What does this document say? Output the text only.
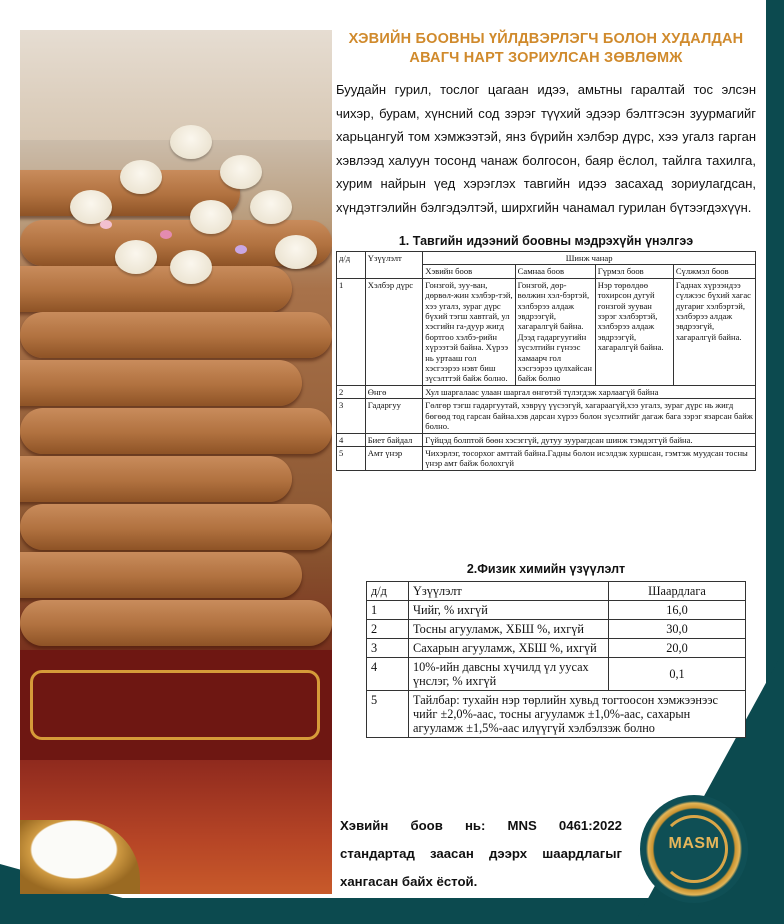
ХЭВИЙН БООВНЫ ҮЙЛДВЭРЛЭГЧ БОЛОН ХУДАЛДАН АВАГЧ НАРТ ЗОРИУЛСАН ЗӨВЛӨМЖ
Буудайн гурил, тослог цагаан идээ, амьтны гаралтай тос элсэн чихэр, бурам, хүнсний сод зэрэг түүхий эдээр бэлтгэсэн зуурмагийг харьцангуй том хэмжээтэй, янз бүрийн хэлбэр дүрс, хээ угалз гарган хэвлээд халуун тосонд чанаж болгосон, баяр ёслол, тайлга тахилга, хурим найрын үед хэрэглэх тавгийн идээ засахад зориулагдсан, хүндэтгэлийн бэлгэдэлтэй, ширхгийн чанамал гурилан бүтээгдэхүүн.
1. Тавгийн идээний боовны мэдрэхүйн үнэлгээ
д/д	Үзүүлэлт	Шинж чанар			
		Хэвийн боов	Самнаа боов	Гүрмэл боов	Сүлжмэл боов
1	Хэлбэр дүрс	Гонзгой, зуу-ван, дөрвөл-жин хэлбэр-тэй, хээ угалз, зураг дүрс бүхий тэгш хавтгай, ул хэсгийн га-дуур жигд бортгоо хэлбэ-рийн хүрээтэй байна. Хүрээ нь уртааш гол хэсгээрээ нэвт биш зүсэлттэй байж болно.	Гонзгой, дөр-вөлжин хэл-бэртэй, хэлбэрээ алдаж эвдрээгүй, хагаралгүй байна. Дээд гадаргуугийн зүсэлтийн гүнээс хамаарч гол хэсгээрээ цулхайсан байж болно	Нэр төрөлдөө тохирсон дугуй гонзгой зууван зэрэг хэлбэртэй, хэлбэрээ алдаж эвдрээгүй, хагаралгүй байна.	Гаднах хүрээндээ сүлжээс бүхий хагас дугариг хэлбэртэй, хэлбэрээ алдаж эвдрээгүй, хагаралгүй байна.
2	Өнгө	Хул шаргалаас улаан шаргал өнгөтэй түлэгдэж харлаагүй байна			
3	Гадаргуу	Гөлгөр тэгш гадаргуутай, хэврүү үүсээгүй, хагараагүй,хээ угалз, зураг дүрс нь жигд бөгөөд тод гарсан байна.хэв дарсан хүрээ болон зүсэлтийг дагаж бага зэрэг язарсан байж болно.			
4	Биет байдал	Гүйцэд болптой бөөн хэсэггүй, дутуу зуурагдсан шинж тэмдэггүй байна.			
5	Амт үнэр	Чихэрлэг, тосорхог амттай байна.Гадны болон исэлдэж хуршсан, гэмтэж муудсан тосны үнэр амт байж болохгүй			
2.Физик химийн үзүүлэлт
д/д	Үзүүлэлт	Шаардлага
1	Чийг, % ихгүй	16,0
2	Тосны агууламж, ХБШ %, ихгүй	30,0
3	Сахарын агууламж, ХБШ %, ихгүй	20,0
4	10%-ийн давсны хүчилд үл уусах үнслэг, % ихгүй	0,1
5	Тайлбар: тухайн нэр төрлийн хувьд тогтоосон хэмжээнээс чийг ±2,0%-аас, тосны агууламж ±1,0%-аас, сахарын агууламж ±1,5%-аас илүүгүй хэлбэлзэж болно	
Хэвийн боов нь: MNS 0461:2022 стандартад заасан дээрх шаардлагыг хангасан байх ёстой.
MASM
